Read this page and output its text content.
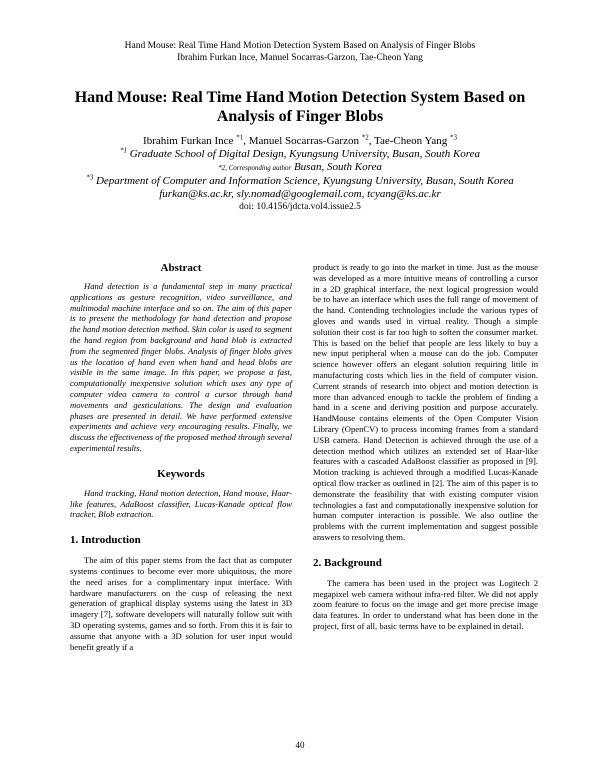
Hand Mouse: Real Time Hand Motion Detection System Based on Analysis of Finger Blobs
Ibrahim Furkan Ince, Manuel Socarras-Garzon, Tae-Cheon Yang
Hand Mouse: Real Time Hand Motion Detection System Based on
Analysis of Finger Blobs
Ibrahim Furkan Ince $^{*1}$, Manuel Socarras-Garzon $^{*2}$, Tae-Cheon Yang $^{*3}$
$^{*1}$ Graduate School of Digital Design, Kyungsung University, Busan, South Korea
*2, Corresponding author Busan, South Korea
$^{*3}$ Department of Computer and Information Science, Kyungsung University, Busan, South Korea
furkan@ks.ac.kr, sly.nomad@googlemail.com, tcyang@ks.ac.kr
doi: 10.4156/jdcta.vol4.issue2.5
Abstract

Hand detection is a fundamental step in many practical applications as gesture recognition, video surveillance, and multimodal machine interface and so on. The aim of this paper is to present the methodology for hand detection and propose the hand motion detection method. Skin color is used to segment the hand region from background and hand blob is extracted from the segmented finger blobs. Analysis of finger blobs gives us the location of hand even when hand and head blobs are visible in the same image. In this paper, we propose a fast, computationally inexpensive solution which uses any type of computer video camera to control a cursor through hand movements and gesticulations. The design and evaluation phases are presented in detail. We have performed extensive experiments and achieve very encouraging results. Finally, we discuss the effectiveness of the proposed method through several experimental results.

Keywords

Hand tracking, Hand motion detection, Hand mouse, Haar-like features, AdaBoost classifier, Lucas-Kanade optical flow tracker, Blob extraction.

1. Introduction

The aim of this paper stems from the fact that as computer systems continues to become ever more ubiquitous, the more the need arises for a complimentary input interface. With hardware manufacturers on the cusp of releasing the next generation of graphical display systems using the latest in 3D imagery [7], software developers will naturally follow suit with 3D operating systems, games and so forth. From this it is fair to assume that anyone with a 3D solution for user input would benefit greatly if a

product is ready to go into the market in time. Just as the mouse was developed as a more intuitive means of controlling a cursor in a 2D graphical interface, the next logical progression would be to have an interface which uses the full range of movement of the hand. Contending technologies include the various types of gloves and wands used in virtual reality. Though a simple solution their cost is far too high to soften the consumer market. This is based on the belief that people are less likely to buy a new input peripheral when a mouse can do the job. Computer science however offers an elegant solution requiring little in manufacturing costs which lies in the field of computer vision. Current strands of research into object and motion detection is more than advanced enough to tackle the problem of finding a hand in a scene and deriving position and purpose accurately. HandMouse contains elements of the Open Computer Vision Library (OpenCV) to process incoming frames from a standard USB camera. Hand Detection is achieved through the use of a detection method which utilizes an extended set of Haar-like features with a cascaded AdaBoost classifier as proposed in [9]. Motion tracking is achieved through a modified Lucas-Kanade optical flow tracker as outlined in [2]. The aim of this paper is to demonstrate the feasibility that with existing computer vision technologies a fast and computationally inexpensive solution for human computer interaction is possible. We also outline the problems with the current implementation and suggest possible answers to resolving them.

2. Background

The camera has been used in the project was Logitech 2 megapixel web camera without infra-red filter. We did not apply zoom feature to focus on the image and get more precise image data features. In order to understand what has been done in the project, first of all, basic terms have to be explained in detail.

40
